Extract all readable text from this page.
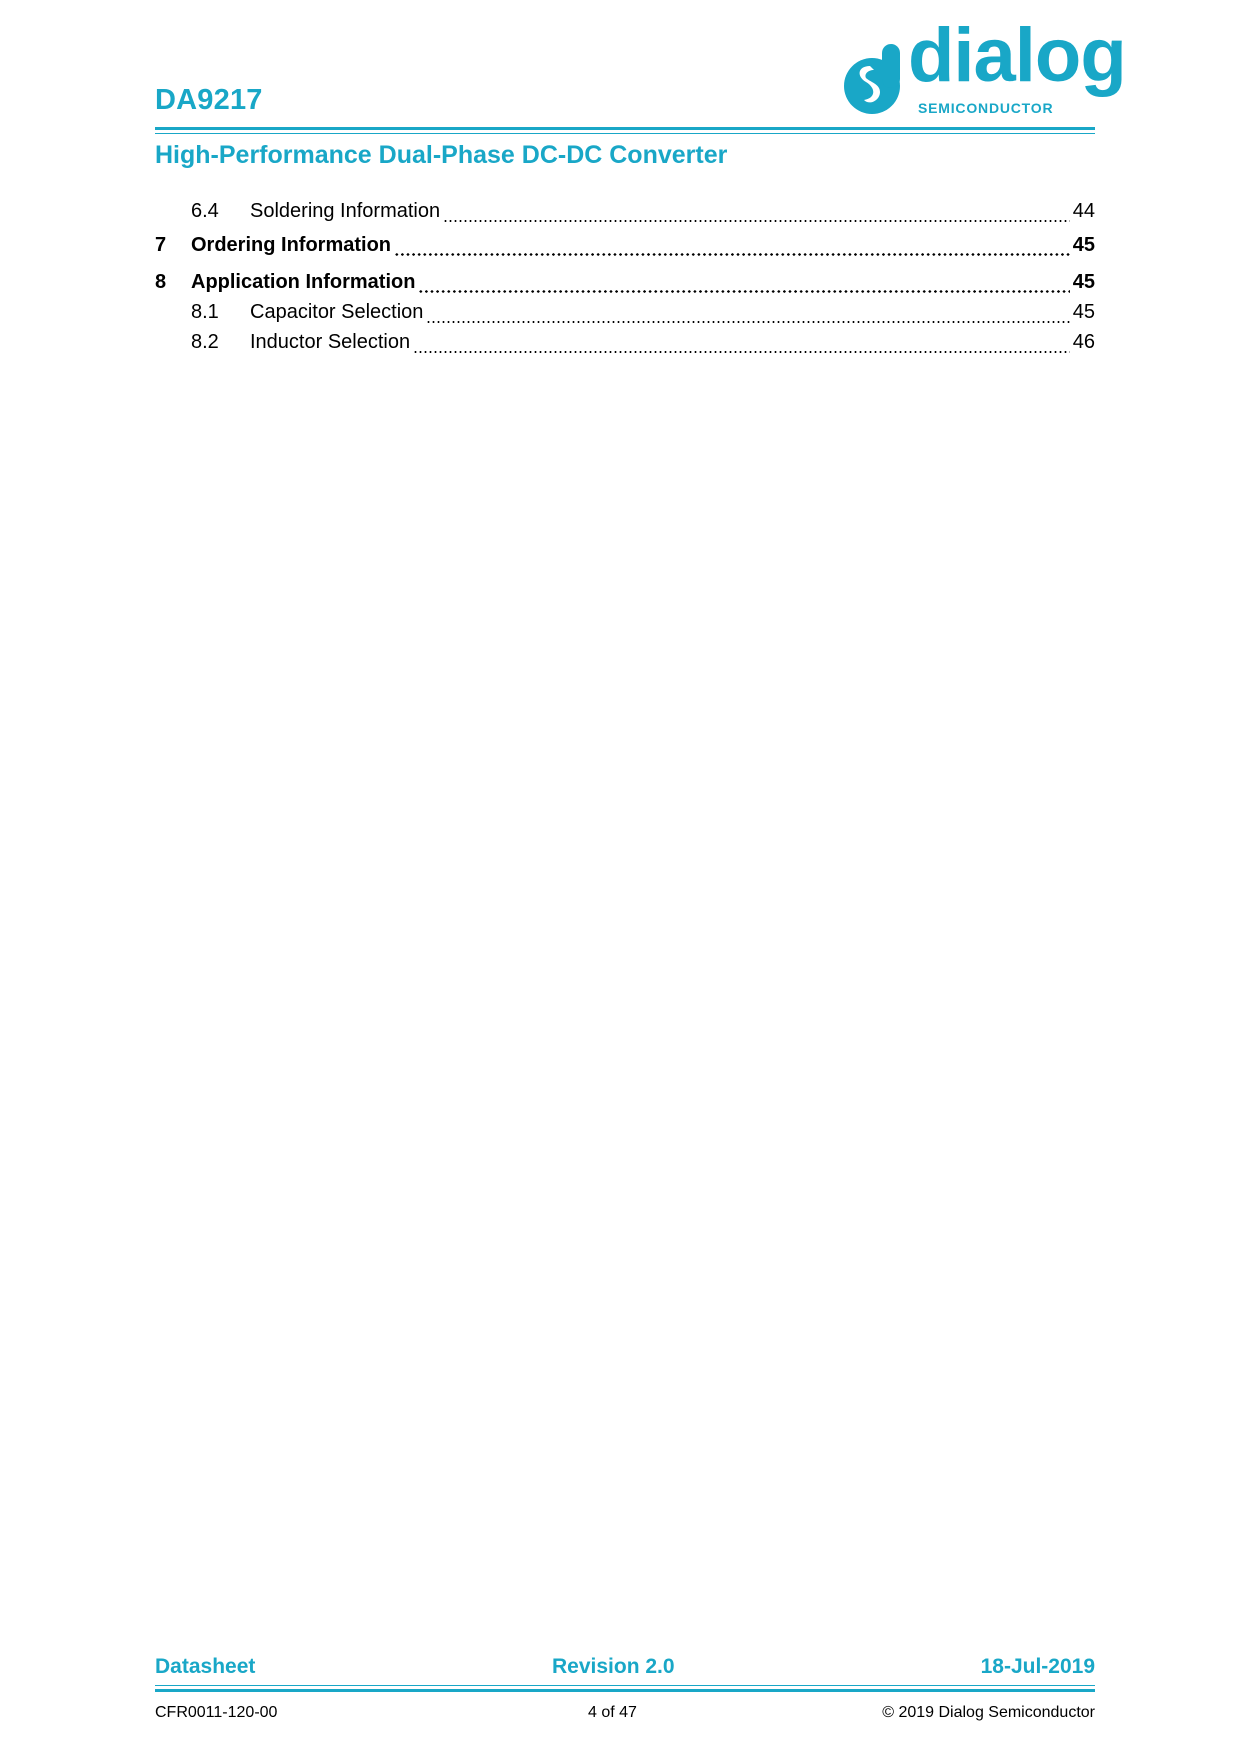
DA9217
dialog
SEMICONDUCTOR
High-Performance Dual-Phase DC-DC Converter
6.4	Soldering Information	44
7	Ordering Information	45
8	Application Information	45
8.1	Capacitor Selection	45
8.2	Inductor Selection	46
Datasheet	Revision 2.0	18-Jul-2019
CFR0011-120-00	4 of 47	© 2019 Dialog Semiconductor
